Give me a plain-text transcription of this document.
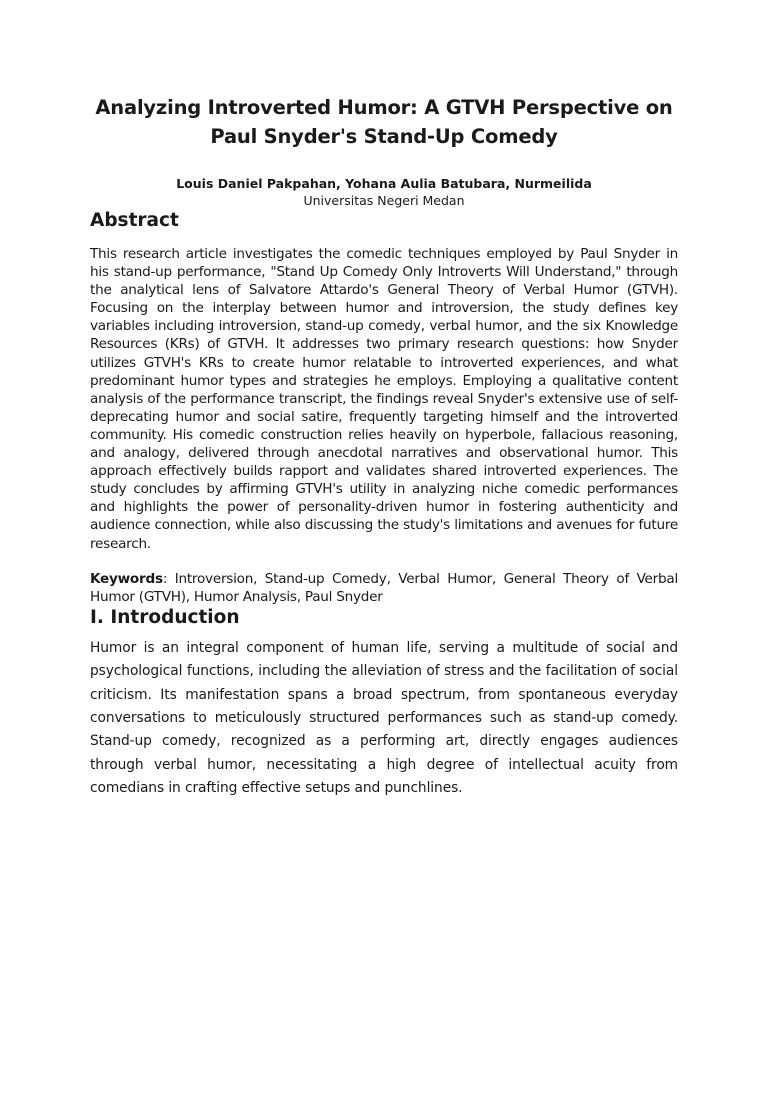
Analyzing Introverted Humor: A GTVH Perspective on
Paul Snyder's Stand-Up Comedy
Louis Daniel Pakpahan, Yohana Aulia Batubara, Nurmeilida
Universitas Negeri Medan
Abstract

This research article investigates the comedic techniques employed by Paul Snyder in his stand-up performance, "Stand Up Comedy Only Introverts Will Understand," through the analytical lens of Salvatore Attardo's General Theory of Verbal Humor (GTVH). Focusing on the interplay between humor and introversion, the study defines key variables including introversion, stand-up comedy, verbal humor, and the six Knowledge Resources (KRs) of GTVH. It addresses two primary research questions: how Snyder utilizes GTVH's KRs to create humor relatable to introverted experiences, and what predominant humor types and strategies he employs. Employing a qualitative content analysis of the performance transcript, the findings reveal Snyder's extensive use of self-deprecating humor and social satire, frequently targeting himself and the introverted community. His comedic construction relies heavily on hyperbole, fallacious reasoning, and analogy, delivered through anecdotal narratives and observational humor. This approach effectively builds rapport and validates shared introverted experiences. The study concludes by affirming GTVH's utility in analyzing niche comedic performances and highlights the power of personality-driven humor in fostering authenticity and audience connection, while also discussing the study's limitations and avenues for future research.

Keywords: Introversion, Stand-up Comedy, Verbal Humor, General Theory of Verbal Humor (GTVH), Humor Analysis, Paul Snyder

I. Introduction

Humor is an integral component of human life, serving a multitude of social and psychological functions, including the alleviation of stress and the facilitation of social criticism. Its manifestation spans a broad spectrum, from spontaneous everyday conversations to meticulously structured performances such as stand-up comedy. Stand-up comedy, recognized as a performing art, directly engages audiences through verbal humor, necessitating a high degree of intellectual acuity from comedians in crafting effective setups and punchlines.
